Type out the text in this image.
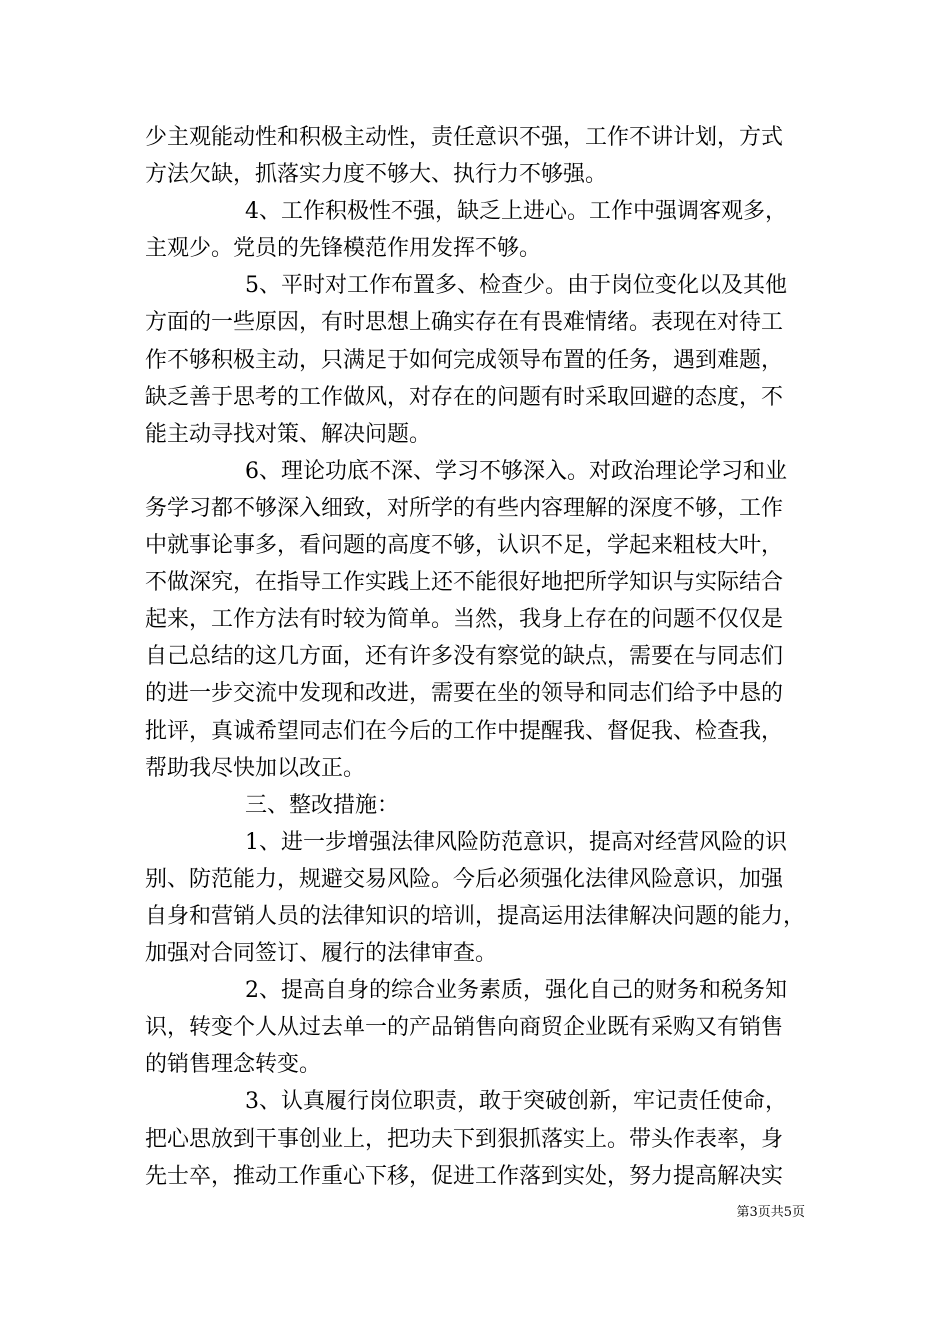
少主观能动性和积极主动性，责任意识不强，工作不讲计划，方式
方法欠缺，抓落实力度不够大、执行力不够强。
4、工作积极性不强，缺乏上进心。工作中强调客观多，
主观少。党员的先锋模范作用发挥不够。
5、平时对工作布置多、检查少。由于岗位变化以及其他
方面的一些原因，有时思想上确实存在有畏难情绪。表现在对待工
作不够积极主动，只满足于如何完成领导布置的任务，遇到难题，
缺乏善于思考的工作做风，对存在的问题有时采取回避的态度，不
能主动寻找对策、解决问题。
6、理论功底不深、学习不够深入。对政治理论学习和业
务学习都不够深入细致，对所学的有些内容理解的深度不够，工作
中就事论事多，看问题的高度不够，认识不足，学起来粗枝大叶，
不做深究，在指导工作实践上还不能很好地把所学知识与实际结合
起来，工作方法有时较为简单。当然，我身上存在的问题不仅仅是
自己总结的这几方面，还有许多没有察觉的缺点，需要在与同志们
的进一步交流中发现和改进，需要在坐的领导和同志们给予中恳的
批评，真诚希望同志们在今后的工作中提醒我、督促我、检查我，
帮助我尽快加以改正。
三、整改措施：
1、进一步增强法律风险防范意识，提高对经营风险的识
别、防范能力，规避交易风险。今后必须强化法律风险意识，加强
自身和营销人员的法律知识的培训，提高运用法律解决问题的能力，
加强对合同签订、履行的法律审查。
2、提高自身的综合业务素质，强化自己的财务和税务知
识，转变个人从过去单一的产品销售向商贸企业既有采购又有销售
的销售理念转变。
3、认真履行岗位职责，敢于突破创新，牢记责任使命，
把心思放到干事创业上，把功夫下到狠抓落实上。带头作表率，身
先士卒，推动工作重心下移，促进工作落到实处，努力提高解决实
第3页共5页
